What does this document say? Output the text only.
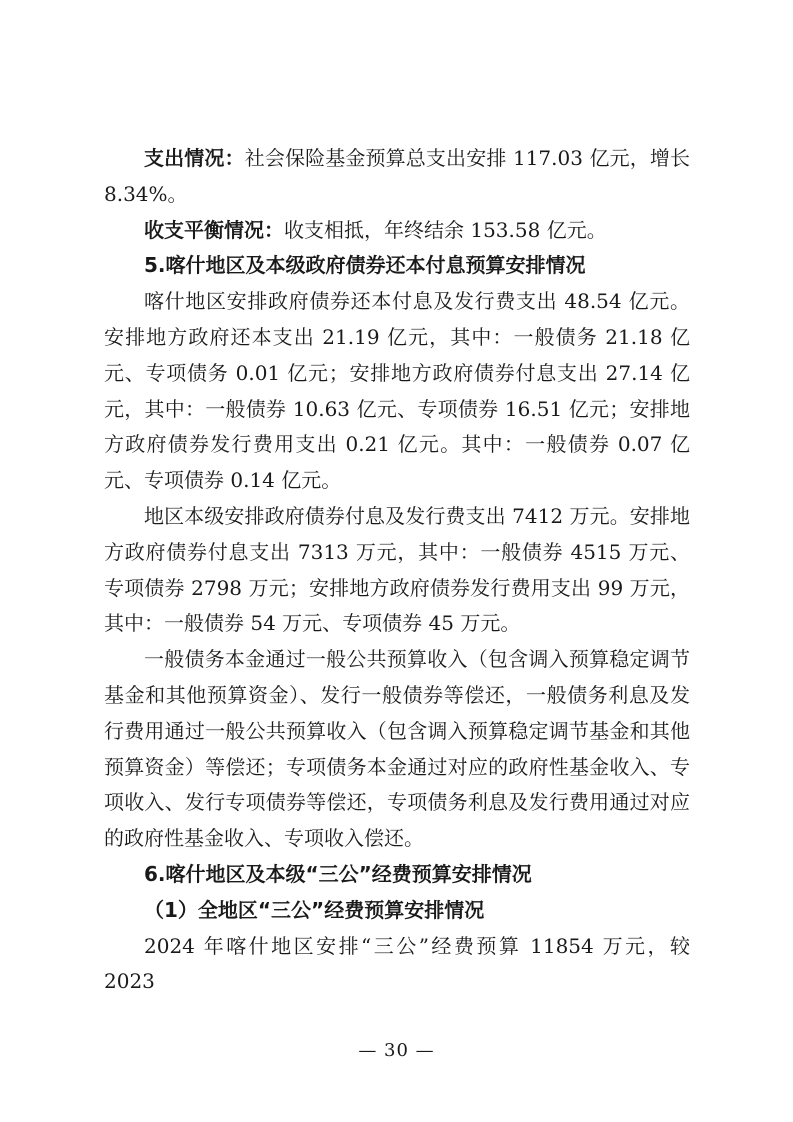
支出情况：社会保险基金预算总支出安排 117.03 亿元，增长 8.34%。

收支平衡情况：收支相抵，年终结余 153.58 亿元。

5.喀什地区及本级政府债券还本付息预算安排情况

喀什地区安排政府债券还本付息及发行费支出 48.54 亿元。安排地方政府还本支出 21.19 亿元，其中：一般债务 21.18 亿元、专项债务 0.01 亿元；安排地方政府债券付息支出 27.14 亿元，其中：一般债券 10.63 亿元、专项债券 16.51 亿元；安排地方政府债券发行费用支出 0.21 亿元。其中：一般债券 0.07 亿元、专项债券 0.14 亿元。

地区本级安排政府债券付息及发行费支出 7412 万元。安排地方政府债券付息支出 7313 万元，其中：一般债券 4515 万元、专项债券 2798 万元；安排地方政府债券发行费用支出 99 万元，其中：一般债券 54 万元、专项债券 45 万元。

一般债务本金通过一般公共预算收入（包含调入预算稳定调节基金和其他预算资金）、发行一般债券等偿还，一般债务利息及发行费用通过一般公共预算收入（包含调入预算稳定调节基金和其他预算资金）等偿还；专项债务本金通过对应的政府性基金收入、专项收入、发行专项债券等偿还，专项债务利息及发行费用通过对应的政府性基金收入、专项收入偿还。

6.喀什地区及本级“三公”经费预算安排情况

（1）全地区“三公”经费预算安排情况

2024 年喀什地区安排“三公”经费预算 11854 万元，较 2023

— 30 —
